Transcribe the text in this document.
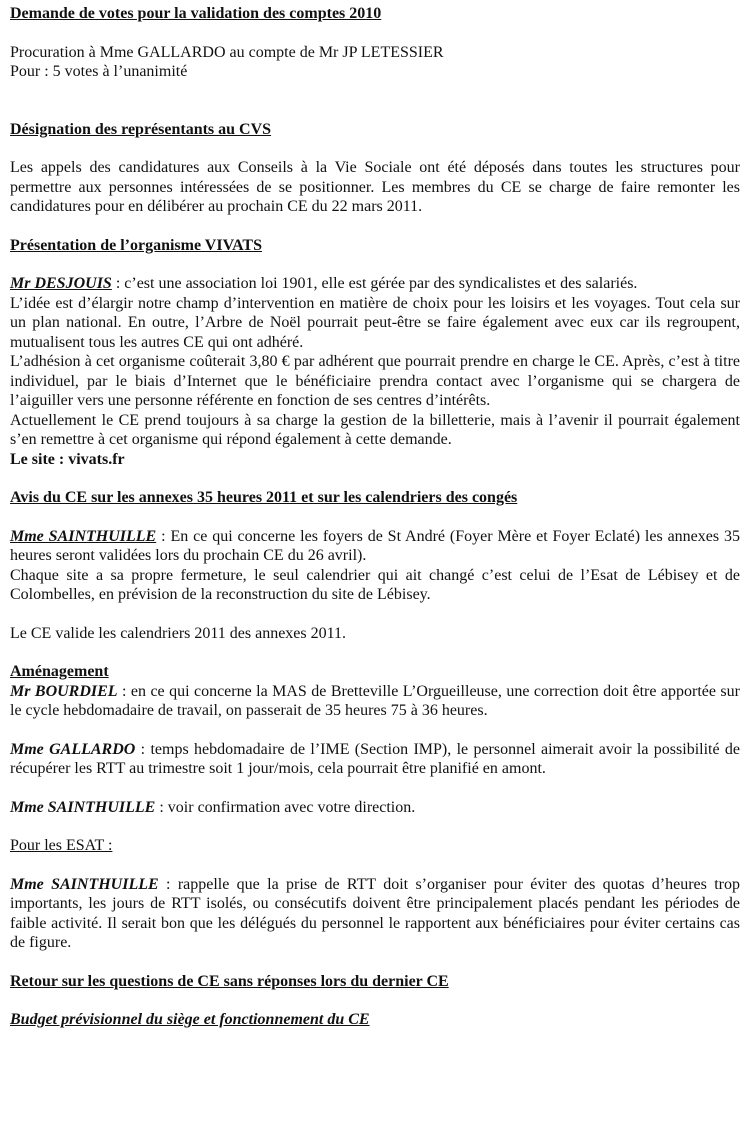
Demande de votes pour la validation des comptes 2010

Procuration à Mme GALLARDO au compte de Mr JP LETESSIER

Pour : 5 votes à l’unanimité

Désignation des représentants au CVS

Les appels des candidatures aux Conseils à la Vie Sociale ont été déposés dans toutes les structures pour permettre aux personnes intéressées de se positionner. Les membres du CE se charge de faire remonter les candidatures pour en délibérer au prochain CE du 22 mars 2011.

Présentation de l’organisme VIVATS

Mr DESJOUIS : c’est une association loi 1901, elle est gérée par des syndicalistes et des salariés.

L’idée est d’élargir notre champ d’intervention en matière de choix pour les loisirs et les voyages. Tout cela sur un plan national. En outre, l’Arbre de Noël pourrait peut-être se faire également avec eux car ils regroupent, mutualisent tous les autres CE qui ont adhéré.

L’adhésion à cet organisme coûterait 3,80 € par adhérent que pourrait prendre en charge le CE. Après, c’est à titre individuel, par le biais d’Internet que le bénéficiaire prendra contact avec l’organisme qui se chargera de l’aiguiller vers une personne référente en fonction de ses centres d’intérêts.

Actuellement le CE prend toujours à sa charge la gestion de la billetterie, mais à l’avenir il pourrait également s’en remettre à cet organisme qui répond également à cette demande.

Le site : vivats.fr

Avis du CE sur les annexes 35 heures 2011 et sur les calendriers des congés

Mme SAINTHUILLE : En ce qui concerne les foyers de St André (Foyer Mère et Foyer Eclaté) les annexes 35 heures seront validées lors du prochain CE du 26 avril).

Chaque site a sa propre fermeture, le seul calendrier qui ait changé c’est celui de l’Esat de Lébisey et de Colombelles, en prévision de la reconstruction du site de Lébisey.

Le CE valide les calendriers 2011 des annexes 2011.

Aménagement

Mr BOURDIEL : en ce qui concerne la MAS de Bretteville L’Orgueilleuse, une correction doit être apportée sur le cycle hebdomadaire de travail, on passerait de 35 heures 75 à 36 heures.

Mme GALLARDO : temps hebdomadaire de l’IME (Section IMP), le personnel aimerait avoir la possibilité de récupérer les RTT au trimestre soit 1 jour/mois, cela pourrait être planifié en amont.

Mme SAINTHUILLE : voir confirmation avec votre direction.

Pour les ESAT :

Mme SAINTHUILLE : rappelle que la prise de RTT doit s’organiser pour éviter des quotas d’heures trop importants, les jours de RTT isolés, ou consécutifs doivent être principalement placés pendant les périodes de faible activité. Il serait bon que les délégués du personnel le rapportent aux bénéficiaires pour éviter certains cas de figure.

Retour sur les questions de CE sans réponses lors du dernier CE

Budget prévisionnel du siège et fonctionnement du CE
